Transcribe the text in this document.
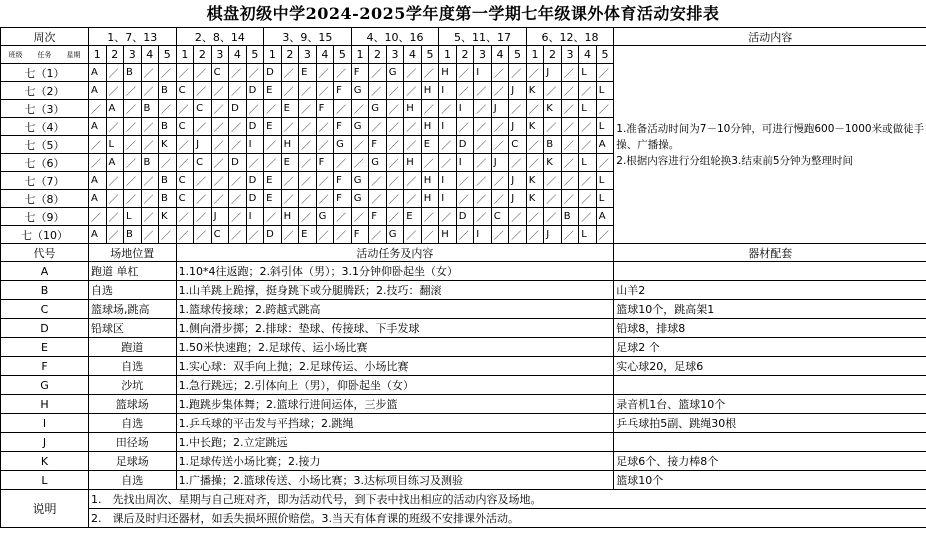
棋盘初级中学2024-2025学年度第一学期七年级课外体育活动安排表
周次	1、7、13					2、8、14					3、9、15					4、10、16					5、11、17					6、12、18					活动内容
班级 任务 星期	1	2	3	4	5	1	2	3	4	5	1	2	3	4	5	1	2	3	4	5	1	2	3	4	5	1	2	3	4	5	1.准备活动时间为7－10分钟，可进行慢跑600－1000米或做徒手操、广播操。

2.根据内容进行分组轮换3.结束前5分钟为整理时间

七（1）	A	／	B	／	／	／	／	C	／	／	D	／	E	／	／	F	／	G	／	／	H	／	I	／	／	／	J	／	L	／	
七（2）	A	／	／	／	B	C	／	／	／	D	E	／	／	／	F	G	／	／	／	H	I	／	／	／	J	K	／	／	／	L	
七（3）	／	A	／	B	／	／	C	／	D	／	／	E	／	F	／	／	G	／	H	／	／	I	／	J	／	／	K	／	L	／	
七（4）	A	／	／	／	B	C	／	／	／	D	E	／	／	／	F	G	／	／	／	H	I	／	／	／	J	K	／	／	／	L	
七（5）	／	L	／	／	K	／	J	／	／	I	／	H	／	／	G	／	F	／	／	E	／	D	／	／	C	／	B	／	／	A	
七（6）	／	A	／	B	／	／	C	／	D	／	／	E	／	F	／	／	G	／	H	／	／	I	／	J	／	／	K	／	L	／	
七（7）	A	／	／	／	B	C	／	／	／	D	E	／	／	／	F	G	／	／	／	H	I	／	／	／	J	K	／	／	／	L	
七（8）	A	／	／	／	B	C	／	／	／	D	E	／	／	／	F	G	／	／	／	H	I	／	／	／	J	K	／	／	／	L	
七（9）	／	／	L	／	K	／	／	J	／	I	／	H	／	G	／	／	F	／	E	／	／	D	／	C	／	／	／	B	／	A	
七（10）	A	／	B	／	／	／	／	C	／	／	D	／	E	／	／	F	／	G	／	／	H	／	I	／	／	／	J	／	L	／	
代号	场地位置					活动任务及内容																									器材配套
A	跑道 单杠					1.10*4往返跑；2.斜引体（男）；3.1分钟仰卧起坐（女）																									
B	自选					1.山羊跳上跪撑，挺身跳下或分腿腾跃；2.技巧：翻滚																									山羊2
C	篮球场,跳高					1.篮球传接球；2.跨越式跳高																									篮球10个，跳高架1
D	铅球区					1.侧向滑步掷；2.排球：垫球、传接球、下手发球																									铅球8，排球8
E	跑道					1.50米快速跑；2.足球传、运小场比赛																									足球2 个
F	自选					1.实心球：双手向上抛；2.足球传运、小场比赛																									实心球20，足球6
G	沙坑					1.急行跳远；2.引体向上（男），仰卧起坐（女）																									
H	篮球场					1.跑跳步集体舞；2.篮球行进间运体，三步篮																									录音机1台、篮球10个
I	自选					1.乒乓球的平击发与平挡球；2.跳绳																									乒乓球拍5副、跳绳30根
J	田径场					1.中长跑；2.立定跳远																									
K	足球场					1.足球传送小场比赛；2.接力																									足球6个、接力棒8个
L	自选					1.广播操；2.篮球传送、小场比赛；3.达标项目练习及测验																									篮球10个
说明	1.　先找出周次、星期与自己班对齐，即为活动代号，到下表中找出相应的活动内容及场地。																														
	2.　课后及时归还器材，如丢失损坏照价赔偿。3.当天有体育课的班级不安排课外活动。																														
